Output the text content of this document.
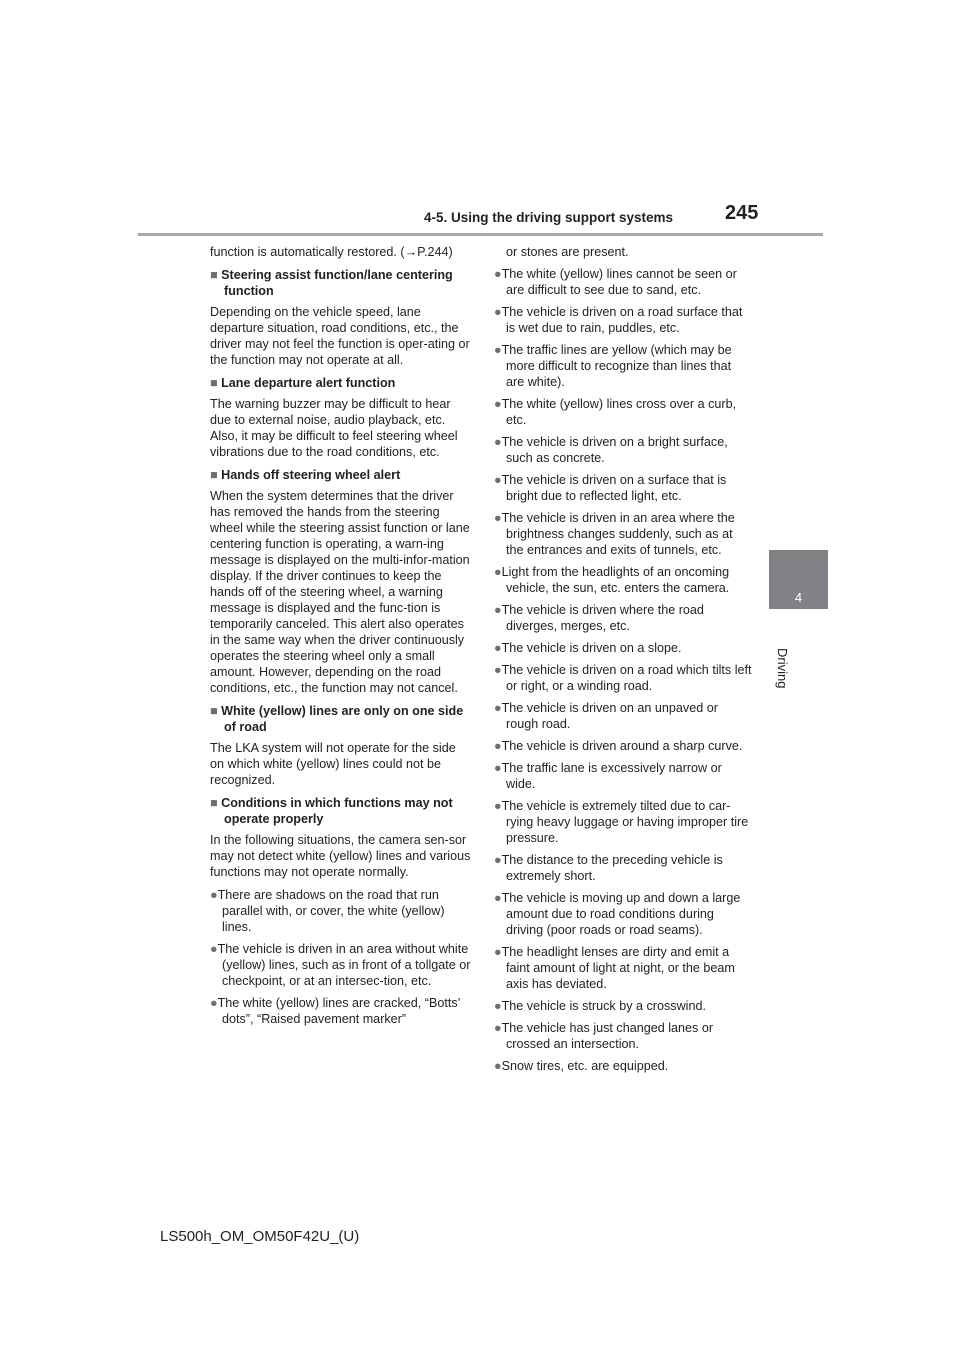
4-5. Using the driving support systems	245
4
Driving

function is automatically restored. (→P.244)

■ Steering assist function/lane centering function

Depending on the vehicle speed, lane departure situation, road conditions, etc., the driver may not feel the function is oper-ating or the function may not operate at all.

■ Lane departure alert function

The warning buzzer may be difficult to hear due to external noise, audio playback, etc. Also, it may be difficult to feel steering wheel vibrations due to the road conditions, etc.

■ Hands off steering wheel alert

When the system determines that the driver has removed the hands from the steering wheel while the steering assist function or lane centering function is operating, a warn-ing message is displayed on the multi-infor-mation display. If the driver continues to keep the hands off of the steering wheel, a warning message is displayed and the func-tion is temporarily canceled. This alert also operates in the same way when the driver continuously operates the steering wheel only a small amount. However, depending on the road conditions, etc., the function may not cancel.

■ White (yellow) lines are only on one side of road

The LKA system will not operate for the side on which white (yellow) lines could not be recognized.

■ Conditions in which functions may not operate properly

In the following situations, the camera sen-sor may not detect white (yellow) lines and various functions may not operate normally.

●There are shadows on the road that run parallel with, or cover, the white (yellow) lines.

●The vehicle is driven in an area without white (yellow) lines, such as in front of a tollgate or checkpoint, or at an intersec-tion, etc.

●The white (yellow) lines are cracked, “Botts’ dots”, “Raised pavement marker”

or stones are present.

●The white (yellow) lines cannot be seen or are difficult to see due to sand, etc.

●The vehicle is driven on a road surface that is wet due to rain, puddles, etc.

●The traffic lines are yellow (which may be more difficult to recognize than lines that are white).

●The white (yellow) lines cross over a curb, etc.

●The vehicle is driven on a bright surface, such as concrete.

●The vehicle is driven on a surface that is bright due to reflected light, etc.

●The vehicle is driven in an area where the brightness changes suddenly, such as at the entrances and exits of tunnels, etc.

●Light from the headlights of an oncoming vehicle, the sun, etc. enters the camera.

●The vehicle is driven where the road diverges, merges, etc.

●The vehicle is driven on a slope.

●The vehicle is driven on a road which tilts left or right, or a winding road.

●The vehicle is driven on an unpaved or rough road.

●The vehicle is driven around a sharp curve.

●The traffic lane is excessively narrow or wide.

●The vehicle is extremely tilted due to car-rying heavy luggage or having improper tire pressure.

●The distance to the preceding vehicle is extremely short.

●The vehicle is moving up and down a large amount due to road conditions during driving (poor roads or road seams).

●The headlight lenses are dirty and emit a faint amount of light at night, or the beam axis has deviated.

●The vehicle is struck by a crosswind.

●The vehicle has just changed lanes or crossed an intersection.

●Snow tires, etc. are equipped.

LS500h_OM_OM50F42U_(U)
